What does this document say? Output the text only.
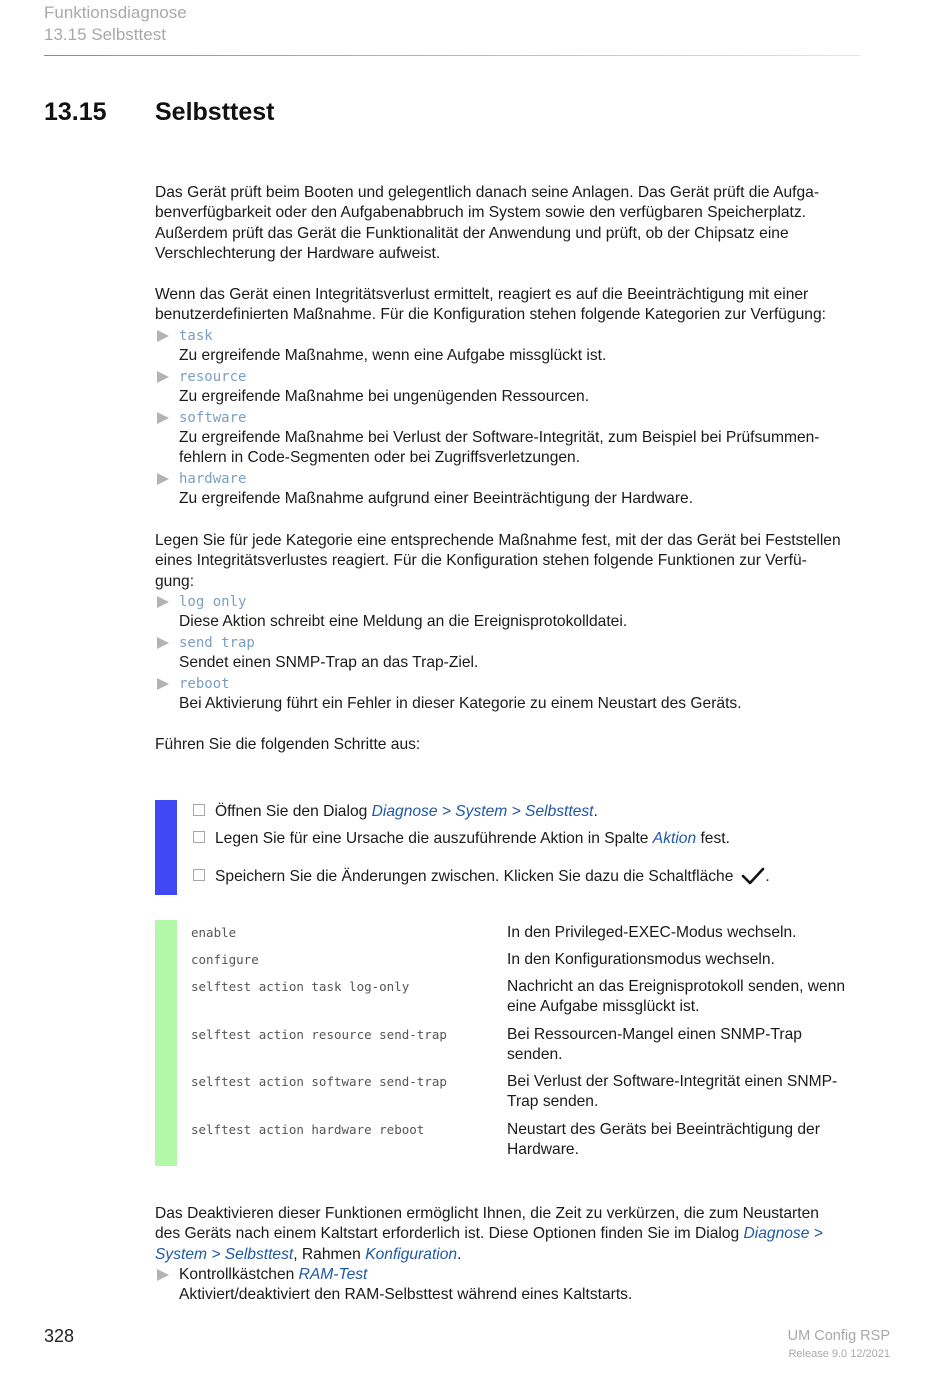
Funktionsdiagnose
13.15 Selbsttest
13.15 Selbsttest

Das Gerät prüft beim Booten und gelegentlich danach seine Anlagen. Das Gerät prüft die Aufga-

benverfügbarkeit oder den Aufgabenabbruch im System sowie den verfügbaren Speicherplatz.

Außerdem prüft das Gerät die Funktionalität der Anwendung und prüft, ob der Chipsatz eine

Verschlechterung der Hardware aufweist.

Wenn das Gerät einen Integritätsverlust ermittelt, reagiert es auf die Beeinträchtigung mit einer

benutzerdefinierten Maßnahme. Für die Konfiguration stehen folgende Kategorien zur Verfügung:

task
Zu ergreifende Maßnahme, wenn eine Aufgabe missglückt ist.
resource
Zu ergreifende Maßnahme bei ungenügenden Ressourcen.
software
Zu ergreifende Maßnahme bei Verlust der Software-Integrität, zum Beispiel bei Prüfsummen-
fehlern in Code-Segmenten oder bei Zugriffsverletzungen.
hardware
Zu ergreifende Maßnahme aufgrund einer Beeinträchtigung der Hardware.

Legen Sie für jede Kategorie eine entsprechende Maßnahme fest, mit der das Gerät bei Feststellen

eines Integritätsverlustes reagiert. Für die Konfiguration stehen folgende Funktionen zur Verfü-

gung:

log only
Diese Aktion schreibt eine Meldung an die Ereignisprotokolldatei.
send trap
Sendet einen SNMP-Trap an das Trap-Ziel.
reboot
Bei Aktivierung führt ein Fehler in dieser Kategorie zu einem Neustart des Geräts.
Führen Sie die folgenden Schritte aus:
Öffnen Sie den Dialog Diagnose > System > Selbsttest.
Legen Sie für eine Ursache die auszuführende Aktion in Spalte Aktion fest.
Speichern Sie die Änderungen zwischen. Klicken Sie dazu die Schaltfläche .
enable	In den Privileged-EXEC-Modus wechseln.
configure	In den Konfigurationsmodus wechseln.
selftest action task log-only	Nachricht an das Ereignisprotokoll senden, wenn
eine Aufgabe missglückt ist.
selftest action resource send-trap	Bei Ressourcen-Mangel einen SNMP-Trap
senden.
selftest action software send-trap	Bei Verlust der Software-Integrität einen SNMP-
Trap senden.
selftest action hardware reboot	Neustart des Geräts bei Beeinträchtigung der
Hardware.

Das Deaktivieren dieser Funktionen ermöglicht Ihnen, die Zeit zu verkürzen, die zum Neustarten

des Geräts nach einem Kaltstart erforderlich ist. Diese Optionen finden Sie im Dialog Diagnose >

System > Selbsttest, Rahmen Konfiguration.

Kontrollkästchen RAM-Test
Aktiviert/deaktiviert den RAM-Selbsttest während eines Kaltstarts.
328	UM Config RSP
Release 9.0 12/2021
